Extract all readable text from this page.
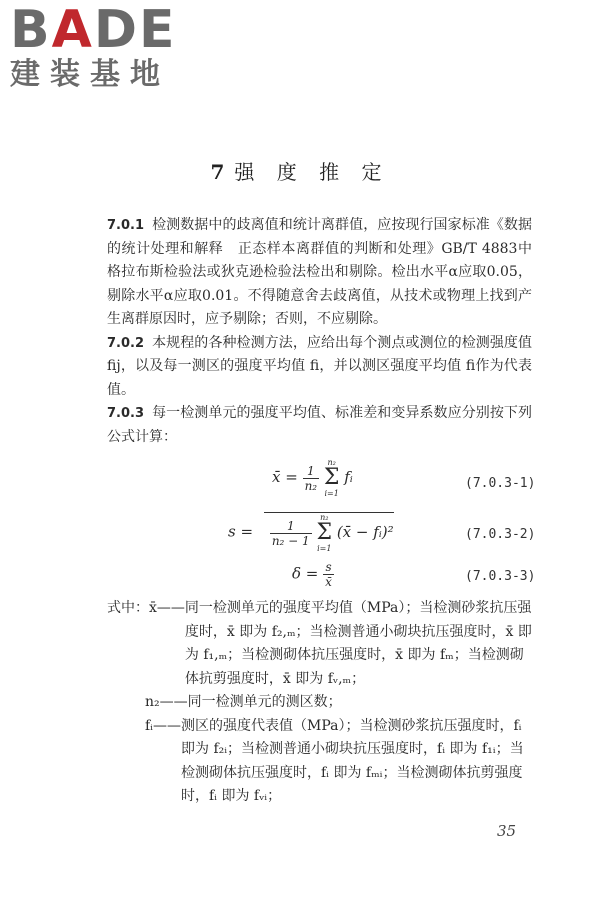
BADE
建装基地
7 强 度 推 定

7.0.1 检测数据中的歧离值和统计离群值，应按现行国家标准《数据的统计处理和解释　正态样本离群值的判断和处理》GB/T 4883中格拉布斯检验法或狄克逊检验法检出和剔除。检出水平α应取0.05，剔除水平α应取0.01。不得随意舍去歧离值，从技术或物理上找到产生离群原因时，应予剔除；否则，不应剔除。

7.0.2 本规程的各种检测方法，应给出每个测点或测位的检测强度值 fij，以及每一测区的强度平均值 fi，并以测区强度平均值 fi作为代表值。

7.0.3 每一检测单元的强度平均值、标准差和变异系数应分别按下列公式计算：

x̄ = $\frac{1}{\text{n₂}}$

n₂
Σ
i=1
fᵢ	(7.0.3-1)
$s = \frac{1}{\text{n₂ − 1}}$

n₂
Σ
i=1
(x̄ − fᵢ)²	(7.0.3-2)
$\delta = \frac{s}{x̄}$	(7.0.3-3)
式中：x̄—— 同一检测单元的强度平均值（MPa）；当检测砂浆抗压强度时，x̄ 即为 f₂,ₘ；当检测普通小砌块抗压强度时，x̄ 即为 f₁,ₘ；当检测砌体抗压强度时，x̄ 即为 fₘ；当检测砌体抗剪强度时，x̄ 即为 fᵥ,ₘ；
n₂—— 同一检测单元的测区数；
fᵢ—— 测区的强度代表值（MPa）；当检测砂浆抗压强度时，fᵢ 即为 f₂ᵢ；当检测普通小砌块抗压强度时，fᵢ 即为 f₁ᵢ；当检测砌体抗压强度时，fᵢ 即为 fₘᵢ；当检测砌体抗剪强度时，fᵢ 即为 fᵥᵢ；
35
